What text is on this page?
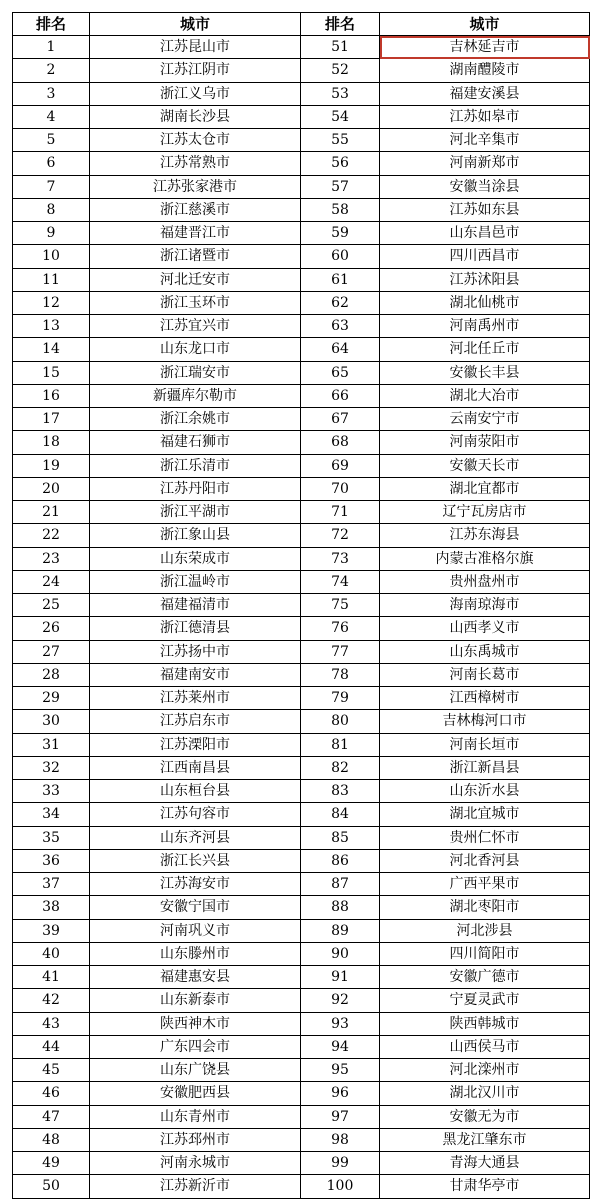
排名	城市	排名	城市
1	江苏昆山市	51	吉林延吉市
2	江苏江阴市	52	湖南醴陵市
3	浙江义乌市	53	福建安溪县
4	湖南长沙县	54	江苏如皋市
5	江苏太仓市	55	河北辛集市
6	江苏常熟市	56	河南新郑市
7	江苏张家港市	57	安徽当涂县
8	浙江慈溪市	58	江苏如东县
9	福建晋江市	59	山东昌邑市
10	浙江诸暨市	60	四川西昌市
11	河北迁安市	61	江苏沭阳县
12	浙江玉环市	62	湖北仙桃市
13	江苏宜兴市	63	河南禹州市
14	山东龙口市	64	河北任丘市
15	浙江瑞安市	65	安徽长丰县
16	新疆库尔勒市	66	湖北大冶市
17	浙江余姚市	67	云南安宁市
18	福建石狮市	68	河南荥阳市
19	浙江乐清市	69	安徽天长市
20	江苏丹阳市	70	湖北宜都市
21	浙江平湖市	71	辽宁瓦房店市
22	浙江象山县	72	江苏东海县
23	山东荣成市	73	内蒙古准格尔旗
24	浙江温岭市	74	贵州盘州市
25	福建福清市	75	海南琼海市
26	浙江德清县	76	山西孝义市
27	江苏扬中市	77	山东禹城市
28	福建南安市	78	河南长葛市
29	江苏莱州市	79	江西樟树市
30	江苏启东市	80	吉林梅河口市
31	江苏溧阳市	81	河南长垣市
32	江西南昌县	82	浙江新昌县
33	山东桓台县	83	山东沂水县
34	江苏句容市	84	湖北宜城市
35	山东齐河县	85	贵州仁怀市
36	浙江长兴县	86	河北香河县
37	江苏海安市	87	广西平果市
38	安徽宁国市	88	湖北枣阳市
39	河南巩义市	89	河北涉县
40	山东滕州市	90	四川简阳市
41	福建惠安县	91	安徽广德市
42	山东新泰市	92	宁夏灵武市
43	陕西神木市	93	陕西韩城市
44	广东四会市	94	山西侯马市
45	山东广饶县	95	河北滦州市
46	安徽肥西县	96	湖北汉川市
47	山东青州市	97	安徽无为市
48	江苏邳州市	98	黑龙江肇东市
49	河南永城市	99	青海大通县
50	江苏新沂市	100	甘肃华亭市
